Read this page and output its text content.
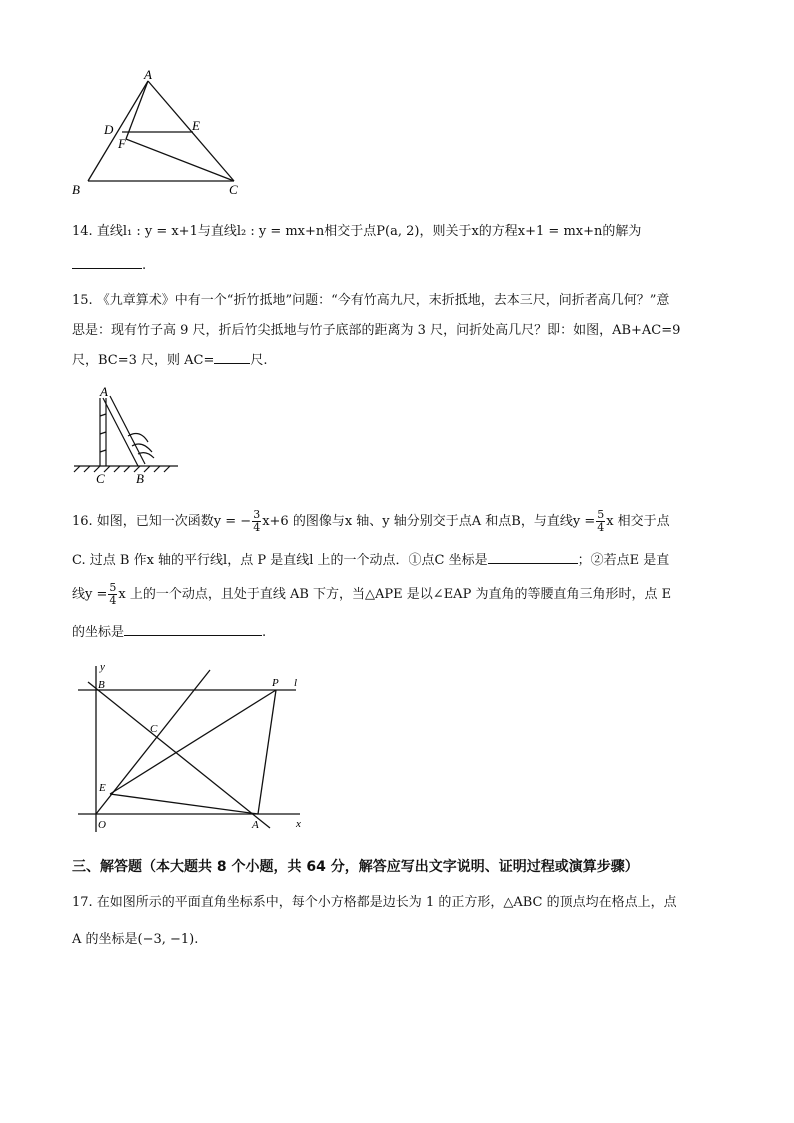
A
D	E
F
B	C
14. 直线l₁ : y = x+1与直线l₂ : y = mx+n相交于点P(a, 2)，则关于x的方程x+1 = mx+n的解为
.
15. 《九章算术》中有一个“折竹抵地”问题：“今有竹高九尺，末折抵地，去本三尺，问折者高几何？”意
思是：现有竹子高 9 尺，折后竹尖抵地与竹子底部的距离为 3 尺，问折处高几尺？即：如图，AB+AC=9
尺，BC=3 尺，则 AC=	尺.
A
C B
16. 如图，已知一次函数y = − $\frac{3}{4} x+6$ 的图像与x 轴、y 轴分别交于点A 和点B，与直线$y = \frac{5}{4}$ x 相交于点
C. 过点 B 作x 轴的平行线l，点 P 是直线l 上的一个动点．①点C 坐标是	；②若点E 是直
线$y = \frac{5}{4}$ x 上的一个动点，且处于直线 AB 下方，当△APE 是以∠EAP 为直角的等腰直角三角形时，点 E
的坐标是	.
y
x
B	P l
C
E
O	A
三、解答题（本大题共 8 个小题，共 64 分，解答应写出文字说明、证明过程或演算步骤）
17. 在如图所示的平面直角坐标系中，每个小方格都是边长为 1 的正方形，△ABC 的顶点均在格点上，点
A 的坐标是(−3, −1).
